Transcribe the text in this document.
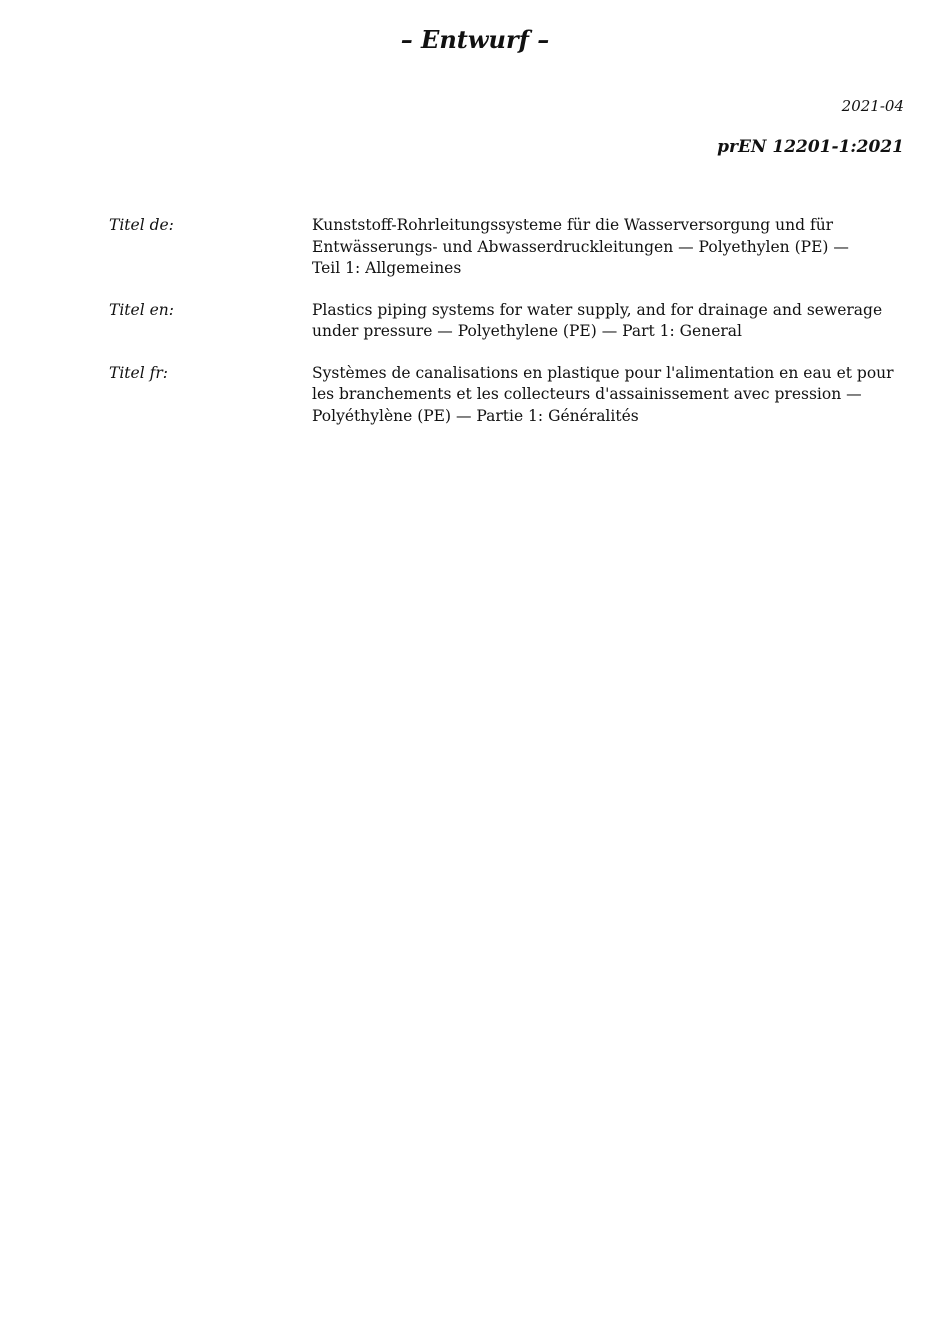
– Entwurf –
2021-04
prEN 12201-1:2021
Titel de:	Kunststoff-Rohrleitungssysteme für die Wasserversorgung und für
Entwässerungs- und Abwasserdruckleitungen — Polyethylen (PE) —
Teil 1: Allgemeines
Titel en:	Plastics piping systems for water supply, and for drainage and sewerage
under pressure — Polyethylene (PE) — Part 1: General
Titel fr:	Systèmes de canalisations en plastique pour l'alimentation en eau et pour
les branchements et les collecteurs d'assainissement avec pression —
Polyéthylène (PE) — Partie 1: Généralités
